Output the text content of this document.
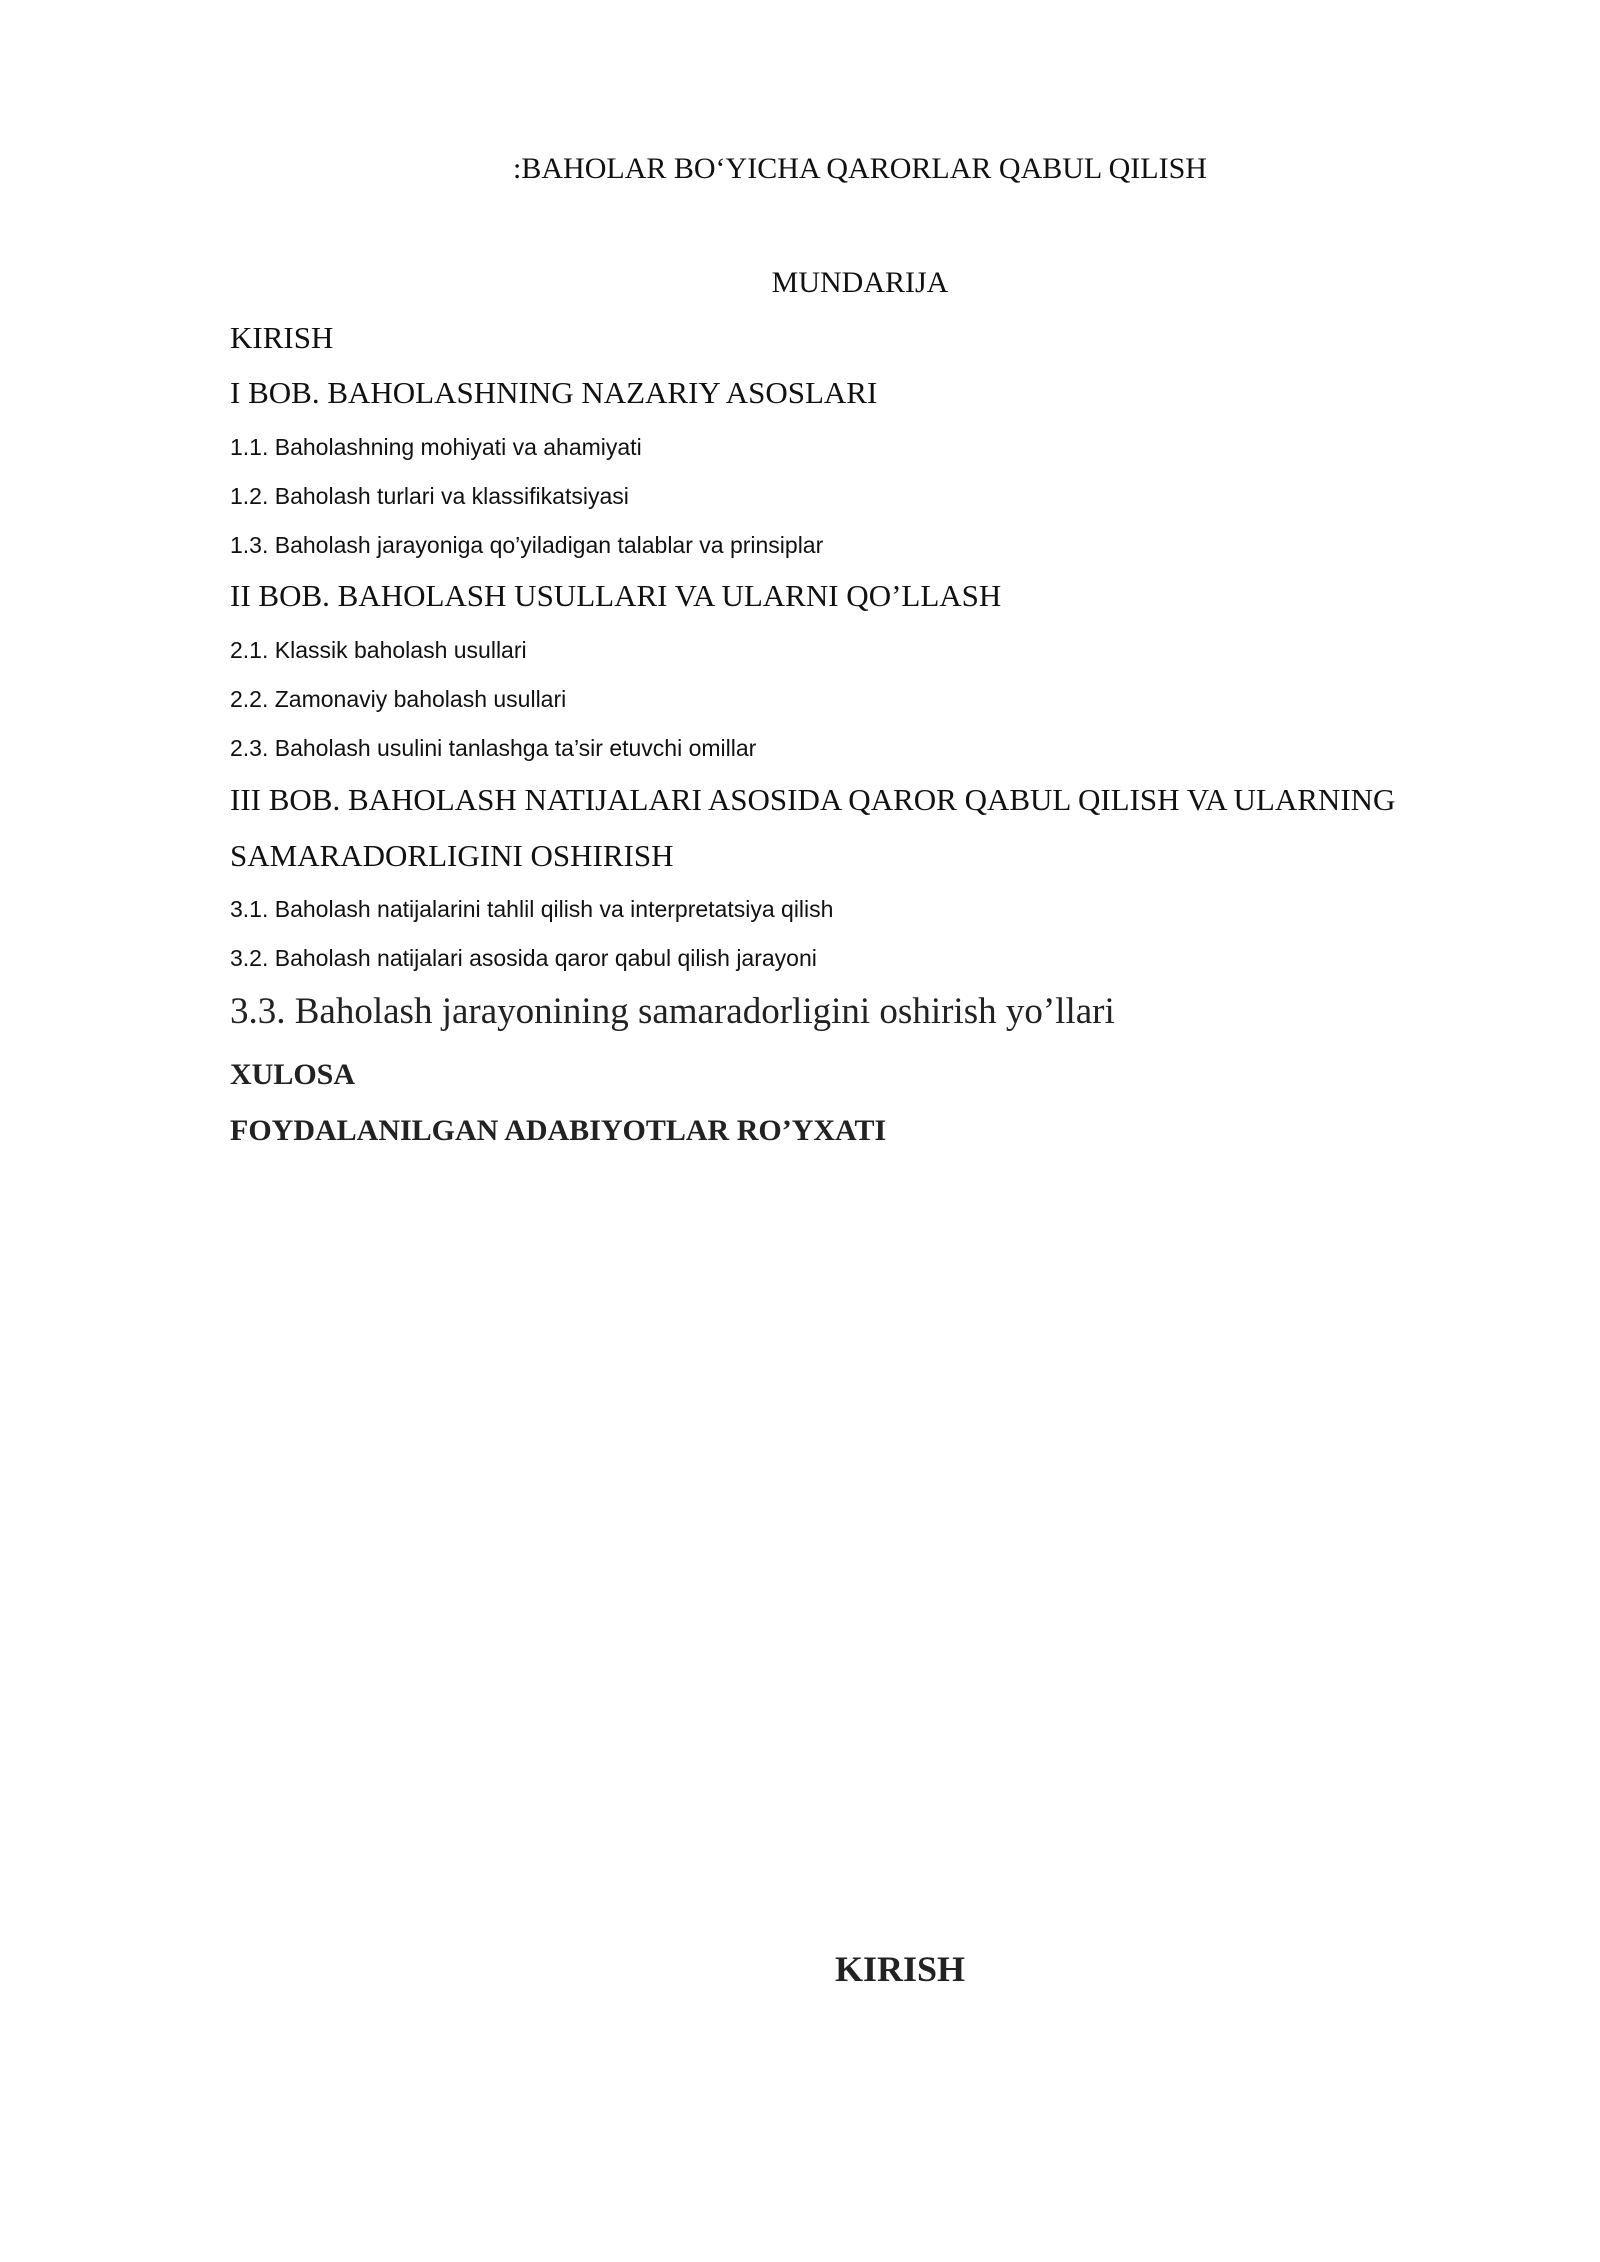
:BAHOLAR BO‘YICHA QARORLAR QABUL QILISH
MUNDARIJA
KIRISH
I BOB. BAHOLASHNING NAZARIY ASOSLARI
1.1. Baholashning mohiyati va ahamiyati
1.2. Baholash turlari va klassifikatsiyasi
1.3. Baholash jarayoniga qo’yiladigan talablar va prinsiplar
II BOB. BAHOLASH USULLARI VA ULARNI QO’LLASH
2.1. Klassik baholash usullari
2.2. Zamonaviy baholash usullari
2.3. Baholash usulini tanlashga ta’sir etuvchi omillar
III BOB. BAHOLASH NATIJALARI ASOSIDA QAROR QABUL QILISH VA ULARNING
SAMARADORLIGINI OSHIRISH
3.1. Baholash natijalarini tahlil qilish va interpretatsiya qilish
3.2. Baholash natijalari asosida qaror qabul qilish jarayoni
3.3. Baholash jarayonining samaradorligini oshirish yo’llari
XULOSA
FOYDALANILGAN ADABIYOTLAR RO’YXATI
KIRISH
